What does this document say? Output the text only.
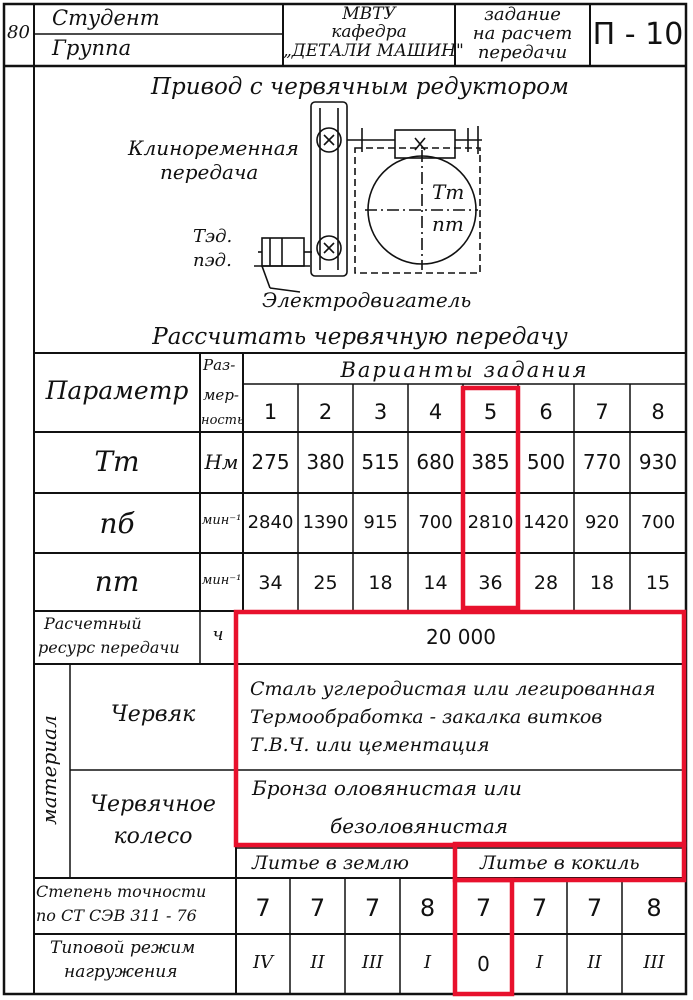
материал
80
Студент
Группа
МВТУ
кафедра
„ДЕТАЛИ МАШИН"
задание
на расчет
передачи
П - 10
Привод с червячным редуктором
Клиноременная
передача
Тэд.
nэд.
Тт
nт
Электродвигатель
Рассчитать червячную передачу
Параметр
Раз-
мер-
ность
Варианты задания
1	2	3	4	5	6	7	8
Тт	Нм 275 380 515 680 385 500 770 930
nб	мин⁻¹ 2840 1390 915	700 2810 1420 920	700
nт	мин⁻¹ 34	25	18	14	36	28	18	15
Расчетный
ресурс передачи
ч	20 000
Червяк
Сталь углеродистая или легированная
Термообработка - закалка витков
Т.В.Ч. или цементация
Червячное
колесо
Бронза оловянистая или
безоловянистая
Литье в землю	Литье в кокиль
Степень точности
по СТ СЭВ 311 - 76	7	7	7	8	7	7	7	8
Типовой режим
нагружения	IV	II	III	I	0	I	II	III
